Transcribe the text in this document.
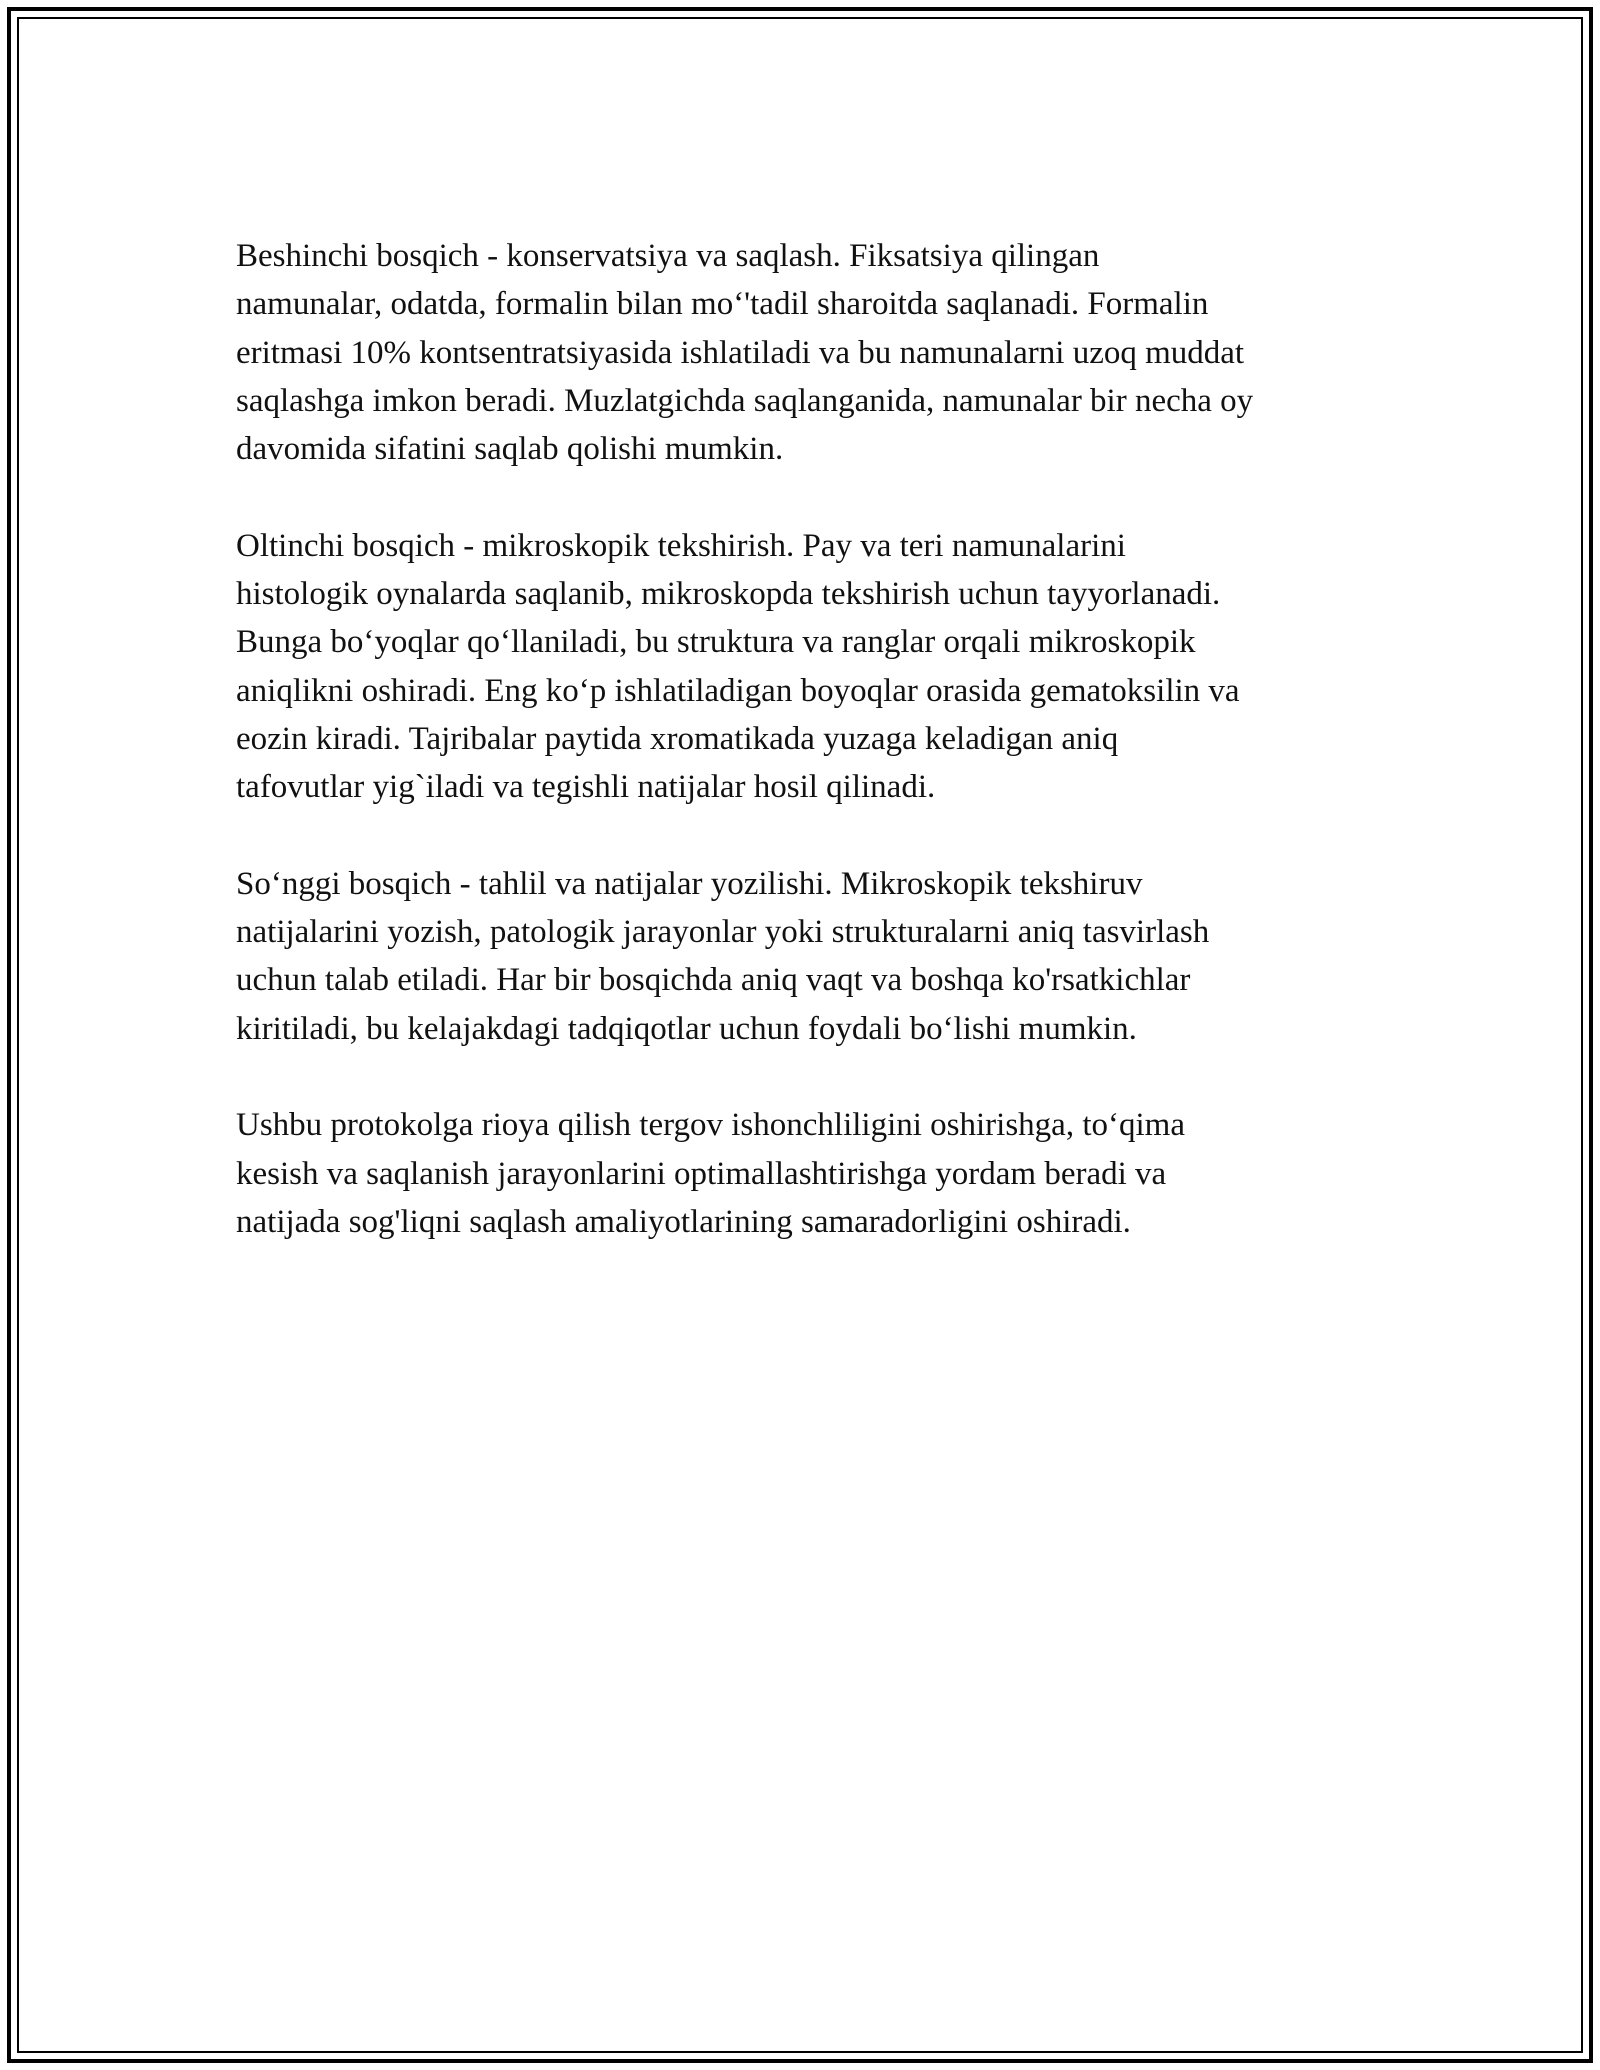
Beshinchi bosqich - konservatsiya va saqlash. Fiksatsiya qilingan
namunalar, odatda, formalin bilan mo‘'tadil sharoitda saqlanadi. Formalin
eritmasi 10% kontsentratsiyasida ishlatiladi va bu namunalarni uzoq muddat
saqlashga imkon beradi. Muzlatgichda saqlanganida, namunalar bir necha oy
davomida sifatini saqlab qolishi mumkin.

Oltinchi bosqich - mikroskopik tekshirish. Pay va teri namunalarini
histologik oynalarda saqlanib, mikroskopda tekshirish uchun tayyorlanadi.
Bunga bo‘yoqlar qo‘llaniladi, bu struktura va ranglar orqali mikroskopik
aniqlikni oshiradi. Eng ko‘p ishlatiladigan boyoqlar orasida gematoksilin va
eozin kiradi. Tajribalar paytida xromatikada yuzaga keladigan aniq
tafovutlar yig`iladi va tegishli natijalar hosil qilinadi.

So‘nggi bosqich - tahlil va natijalar yozilishi. Mikroskopik tekshiruv
natijalarini yozish, patologik jarayonlar yoki strukturalarni aniq tasvirlash
uchun talab etiladi. Har bir bosqichda aniq vaqt va boshqa ko'rsatkichlar
kiritiladi, bu kelajakdagi tadqiqotlar uchun foydali bo‘lishi mumkin.

Ushbu protokolga rioya qilish tergov ishonchliligini oshirishga, to‘qima
kesish va saqlanish jarayonlarini optimallashtirishga yordam beradi va
natijada sog'liqni saqlash amaliyotlarining samaradorligini oshiradi.
